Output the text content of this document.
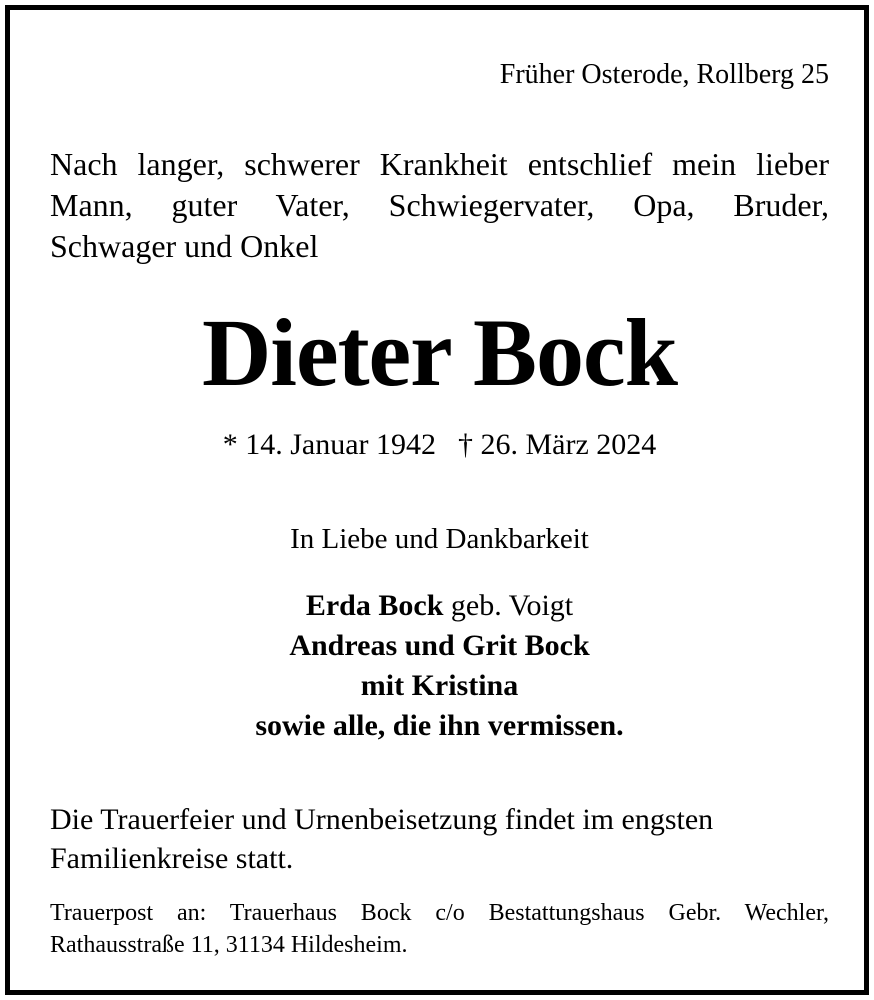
Früher Osterode, Rollberg 25
Nach langer, schwerer Krankheit entschlief mein lieber
Mann, guter Vater, Schwiegervater, Opa, Bruder,
Schwager und Onkel
Dieter Bock
* 14. Januar 1942 † 26. März 2024
In Liebe und Dankbarkeit
Erda Bock geb. Voigt
Andreas und Grit Bock
mit Kristina
sowie alle, die ihn vermissen.
Die Trauerfeier und Urnenbeisetzung findet im engsten
Familienkreise statt.
Trauerpost an: Trauerhaus Bock c/o Bestattungshaus Gebr. Wechler,
Rathausstraße 11, 31134 Hildesheim.
